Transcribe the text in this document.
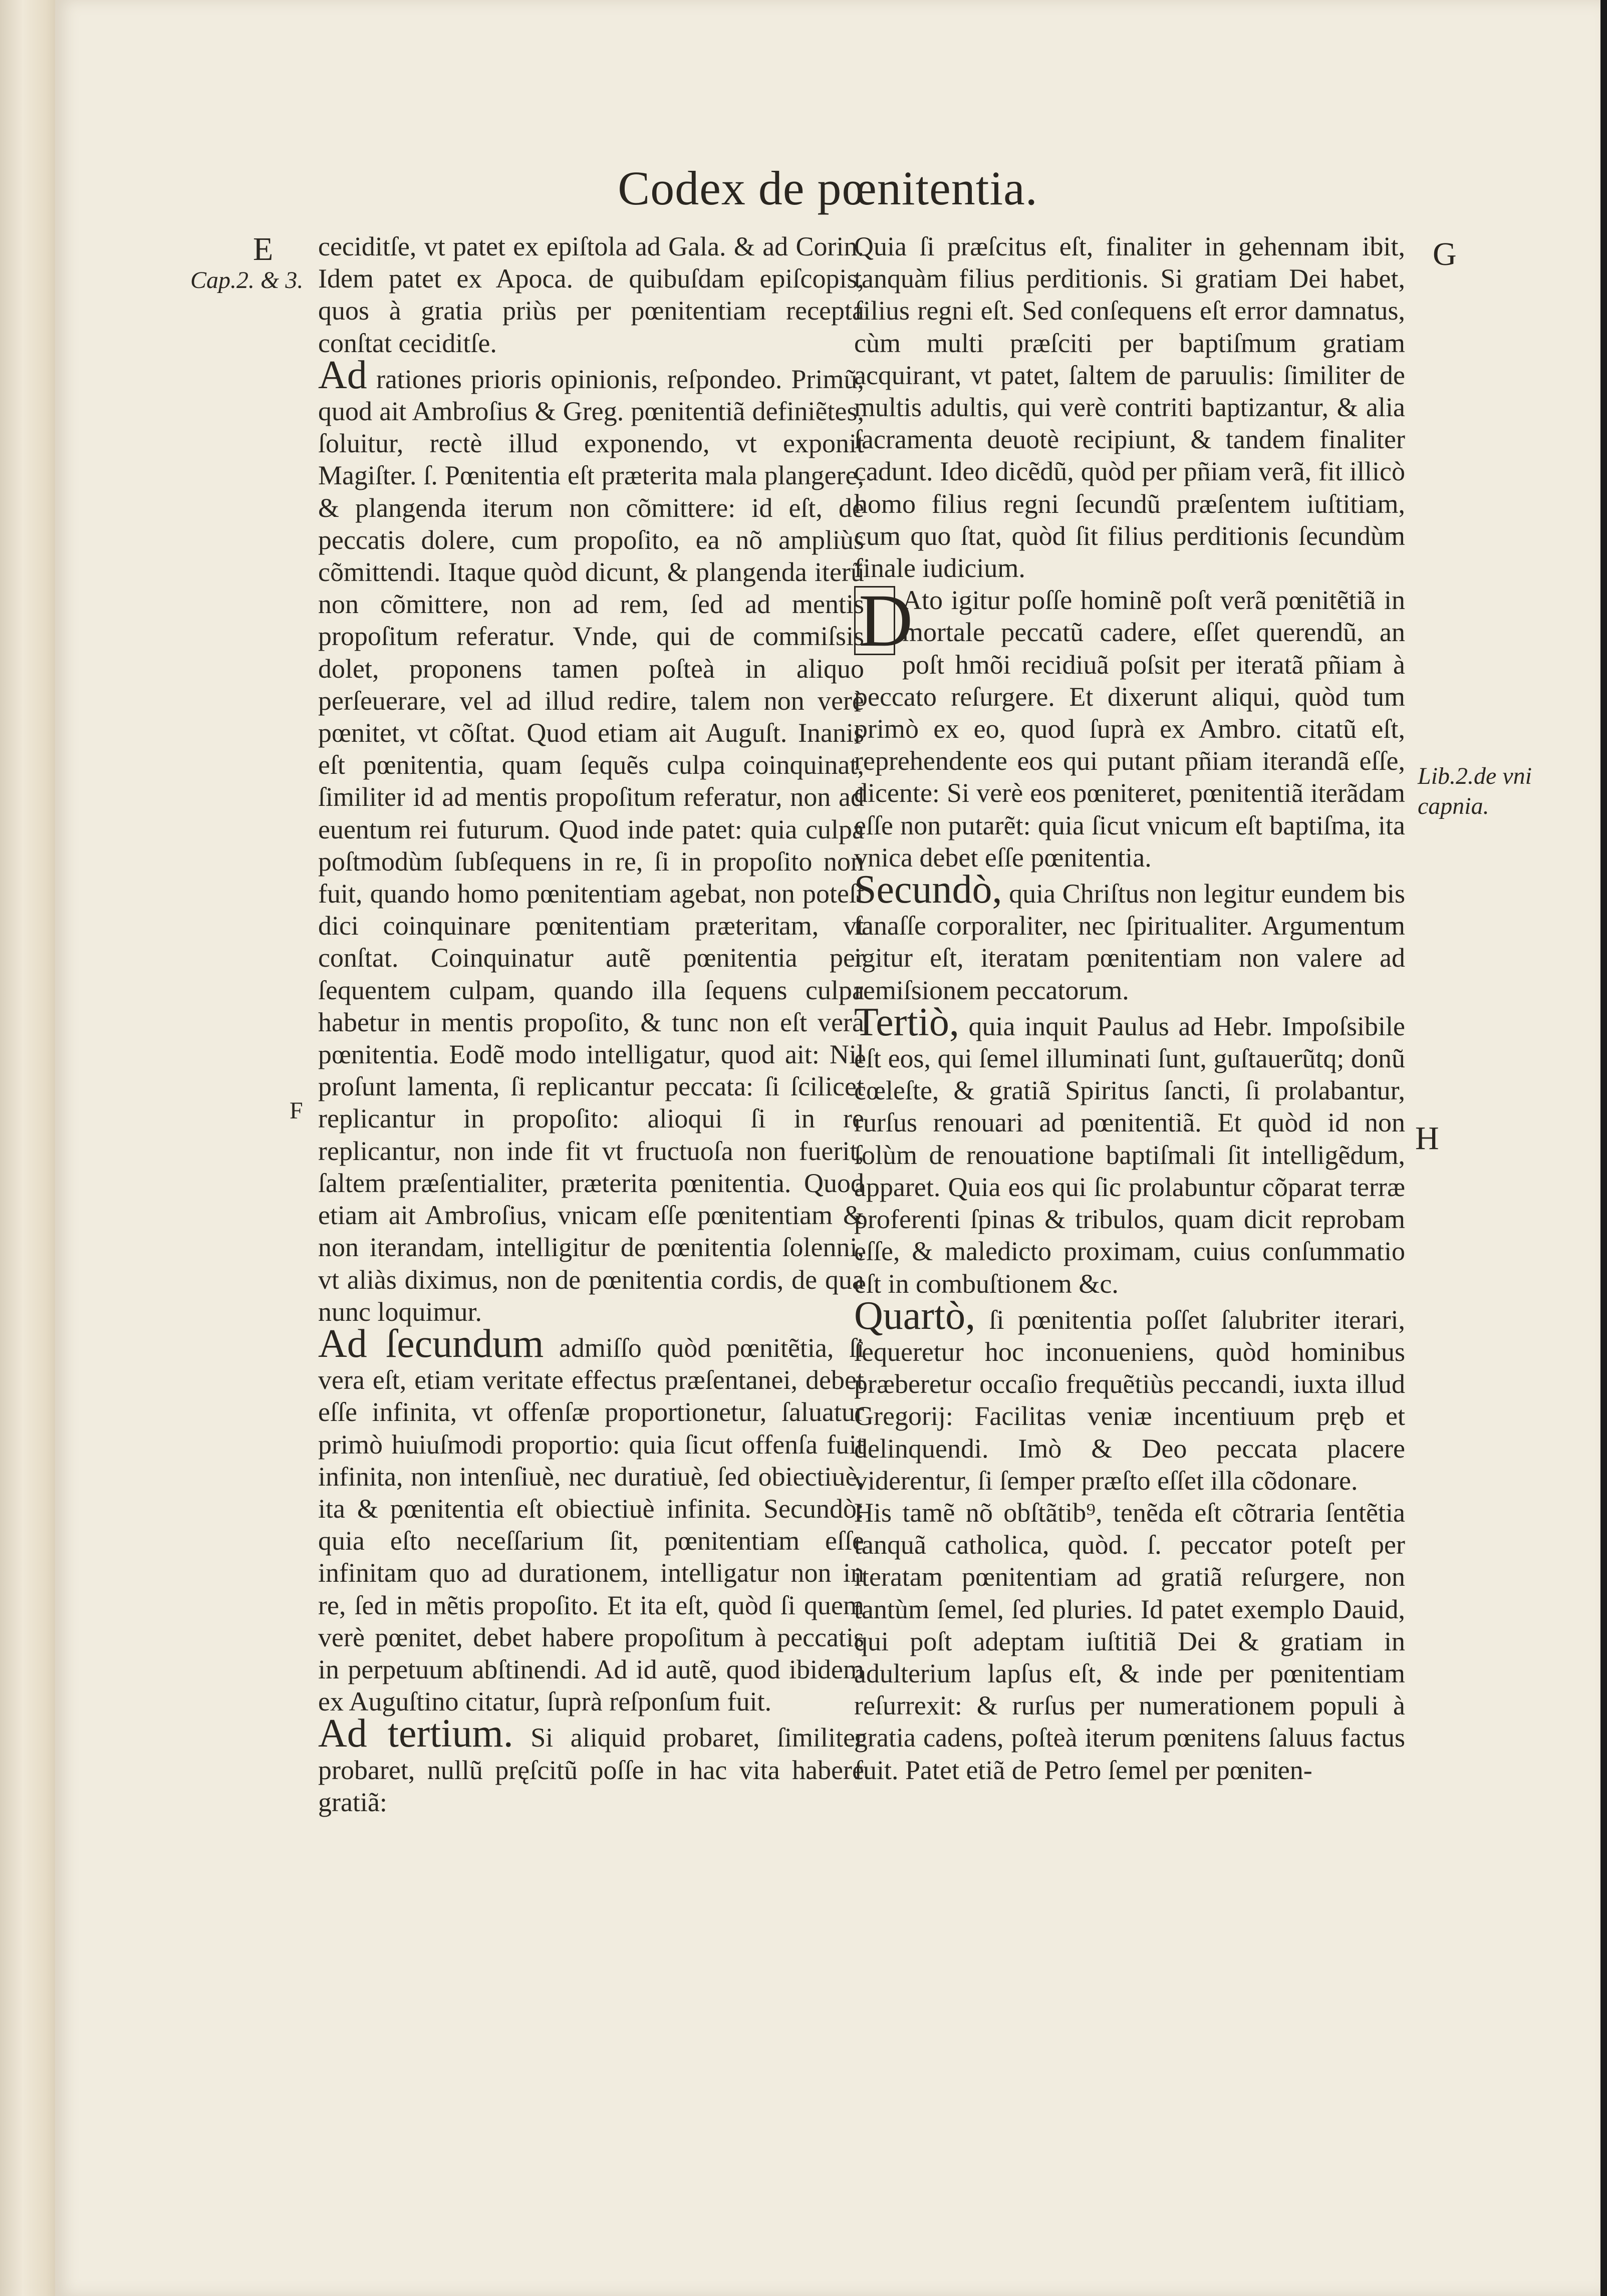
Codex de pœnitentia.
E
F
G
H
Cap.2. & 3.
Lib.2.de vni capnia.

ceciditſe, vt patet ex epiſtola ad Gala. & ad Corin. Idem patet ex Apoca. de quibuſdam epiſcopis, quos à gratia priùs per pœnitentiam recepta conſtat ceciditſe.

Ad rationes prioris opinionis, reſpondeo. Primũ, quod ait Ambroſius & Greg. pœnitentiã definiẽtes, ſoluitur, rectè illud exponendo, vt exponit Magiſter. ſ. Pœnitentia eſt præterita mala plangere, & plangenda iterum non cõmittere: id eſt, de peccatis dolere, cum propoſito, ea nõ ampliùs cõmittendi. Itaque quòd dicunt, & plangenda iterũ non cõmittere, non ad rem, ſed ad mentis propoſitum referatur. Vnde, qui de commiſsis dolet, proponens tamen poſteà in aliquo perſeuerare, vel ad illud redire, talem non verè pœnitet, vt cõſtat. Quod etiam ait Auguſt. Inanis eſt pœnitentia, quam ſequẽs culpa coinquinat, ſimiliter id ad mentis propoſitum referatur, non ad euentum rei futurum. Quod inde patet: quia culpa poſtmodùm ſubſequens in re, ſi in propoſito non fuit, quando homo pœnitentiam agebat, non poteſt dici coinquinare pœnitentiam præteritam, vt conſtat. Coinquinatur autẽ pœnitentia per ſequentem culpam, quando illa ſequens culpa habetur in mentis propoſito, & tunc non eſt vera pœnitentia. Eodẽ modo intelligatur, quod ait: Nil proſunt lamenta, ſi replicantur peccata: ſi ſcilicet replicantur in propoſito: alioqui ſi in re replicantur, non inde fit vt fructuoſa non fuerit, ſaltem præſentialiter, præterita pœnitentia. Quod etiam ait Ambroſius, vnicam eſſe pœnitentiam & non iterandam, intelligitur de pœnitentia ſolenni, vt aliàs diximus, non de pœnitentia cordis, de qua nunc loquimur.

Ad ſecundum admiſſo quòd pœnitẽtia, ſi vera eſt, etiam veritate effectus præſentanei, debet eſſe infinita, vt offenſæ proportionetur, ſaluatur primò huiuſmodi proportio: quia ſicut offenſa fuit infinita, non intenſiuè, nec duratiuè, ſed obiectiuè, ita & pœnitentia eſt obiectiuè infinita. Secundò: quia eſto neceſſarium ſit, pœnitentiam eſſe infinitam quo ad durationem, intelligatur non in re, ſed in mẽtis propoſito. Et ita eſt, quòd ſi quem verè pœnitet, debet habere propoſitum à peccatis in perpetuum abſtinendi. Ad id autẽ, quod ibidem ex Auguſtino citatur, ſuprà reſponſum fuit.

Ad tertium. Si aliquid probaret, ſimiliter probaret, nullũ pręſcitũ poſſe in hac vita habere gratiã:

Quia ſi præſcitus eſt, finaliter in gehennam ibit, tanquàm filius perditionis. Si gratiam Dei habet, filius regni eſt. Sed conſequens eſt error damnatus, cùm multi præſciti per baptiſmum gratiam acquirant, vt patet, ſaltem de paruulis: ſimiliter de multis adultis, qui verè contriti baptizantur, & alia ſacramenta deuotè recipiunt, & tandem finaliter cadunt. Ideo dicẽdũ, quòd per pñiam verã, fit illicò homo filius regni ſecundũ præſentem iuſtitiam, cum quo ſtat, quòd ſit filius perditionis ſecundùm finale iudicium.

D
Ato igitur poſſe hominẽ poſt verã pœnitẽtiã in mortale peccatũ cadere, eſſet querendũ, an poſt hmõi recidiuã poſsit per iteratã pñiam à peccato reſurgere. Et dixerunt aliqui, quòd tum primò ex eo, quod ſuprà ex Ambro. citatũ eſt, reprehendente eos qui putant pñiam iterandã eſſe, dicente: Si verè eos pœniteret, pœnitentiã iterãdam eſſe non putarẽt: quia ſicut vnicum eſt baptiſma, ita vnica debet eſſe pœnitentia.

Secundò, quia Chriſtus non legitur eundem bis ſanaſſe corporaliter, nec ſpiritualiter. Argumentum igitur eſt, iteratam pœnitentiam non valere ad remiſsionem peccatorum.

Tertiò, quia inquit Paulus ad Hebr. Impoſsibile eſt eos, qui ſemel illuminati ſunt, guſtauerũtq; donũ cœleſte, & gratiã Spiritus ſancti, ſi prolabantur, rurſus renouari ad pœnitentiã. Et quòd id non ſolùm de renouatione baptiſmali ſit intelligẽdum, apparet. Quia eos qui ſic prolabuntur cõparat terræ proferenti ſpinas & tribulos, quam dicit reprobam eſſe, & maledicto proximam, cuius conſummatio eſt in combuſtionem &c.

Quartò, ſi pœnitentia poſſet ſalubriter iterari, ſequeretur hoc inconueniens, quòd hominibus præberetur occaſio frequẽtiùs peccandi, iuxta illud Gregorij: Facilitas veniæ incentiuum pręb et delinquendi. Imò & Deo peccata placere viderentur, ſi ſemper præſto eſſet illa cõdonare.

His tamẽ nõ obſtãtib⁹, tenẽda eſt cõtraria ſentẽtia tanquã catholica, quòd. ſ. peccator poteſt per iteratam pœnitentiam ad gratiã reſurgere, non tantùm ſemel, ſed pluries. Id patet exemplo Dauid, qui poſt adeptam iuſtitiã Dei & gratiam in adulterium lapſus eſt, & inde per pœnitentiam reſurrexit: & rurſus per numerationem populi à gratia cadens, poſteà iterum pœnitens ſaluus factus fuit. Patet etiã de Petro ſemel per pœniten-
